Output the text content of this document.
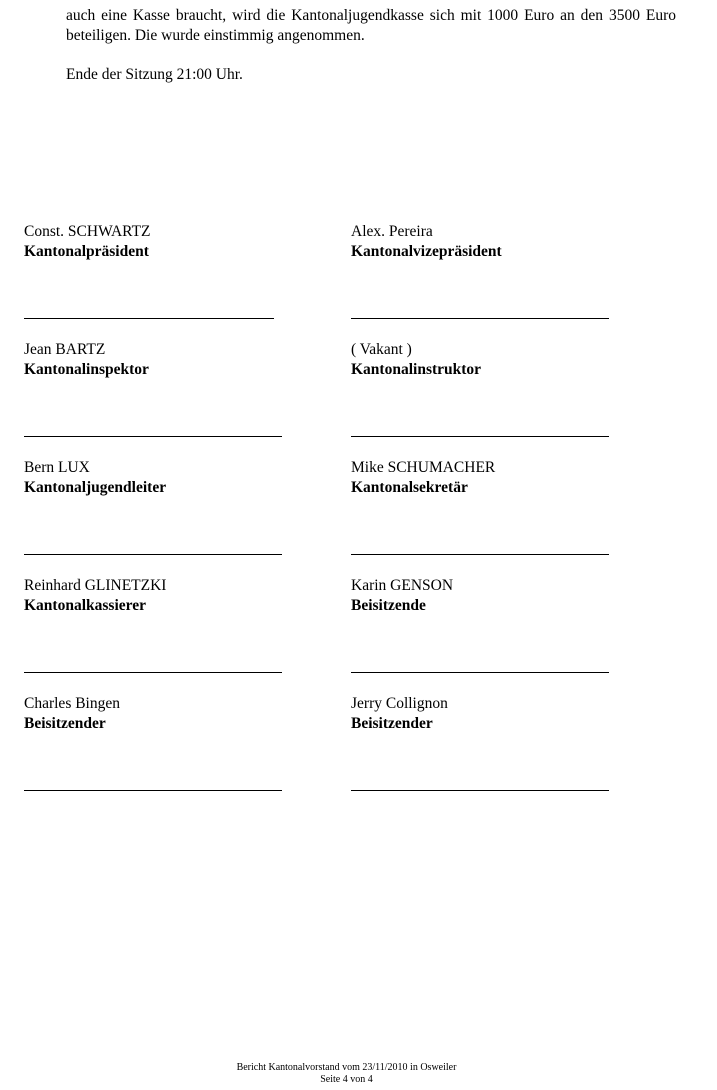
auch eine Kasse braucht, wird die Kantonaljugendkasse sich mit 1000 Euro an den 3500 Euro beteiligen. Die wurde einstimmig angenommen.

Ende der Sitzung 21:00 Uhr.

Const. SCHWARTZ
Kantonalpräsident
Alex. Pereira
Kantonalvizepräsident
Jean BARTZ
Kantonalinspektor
( Vakant )
Kantonalinstruktor
Bern LUX
Kantonaljugendleiter
Mike SCHUMACHER
Kantonalsekretär
Reinhard GLINETZKI
Kantonalkassierer
Karin GENSON
Beisitzende
Charles Bingen
Beisitzender
Jerry Collignon
Beisitzender
Bericht Kantonalvorstand vom 23/11/2010 in Osweiler
Seite 4 von 4
